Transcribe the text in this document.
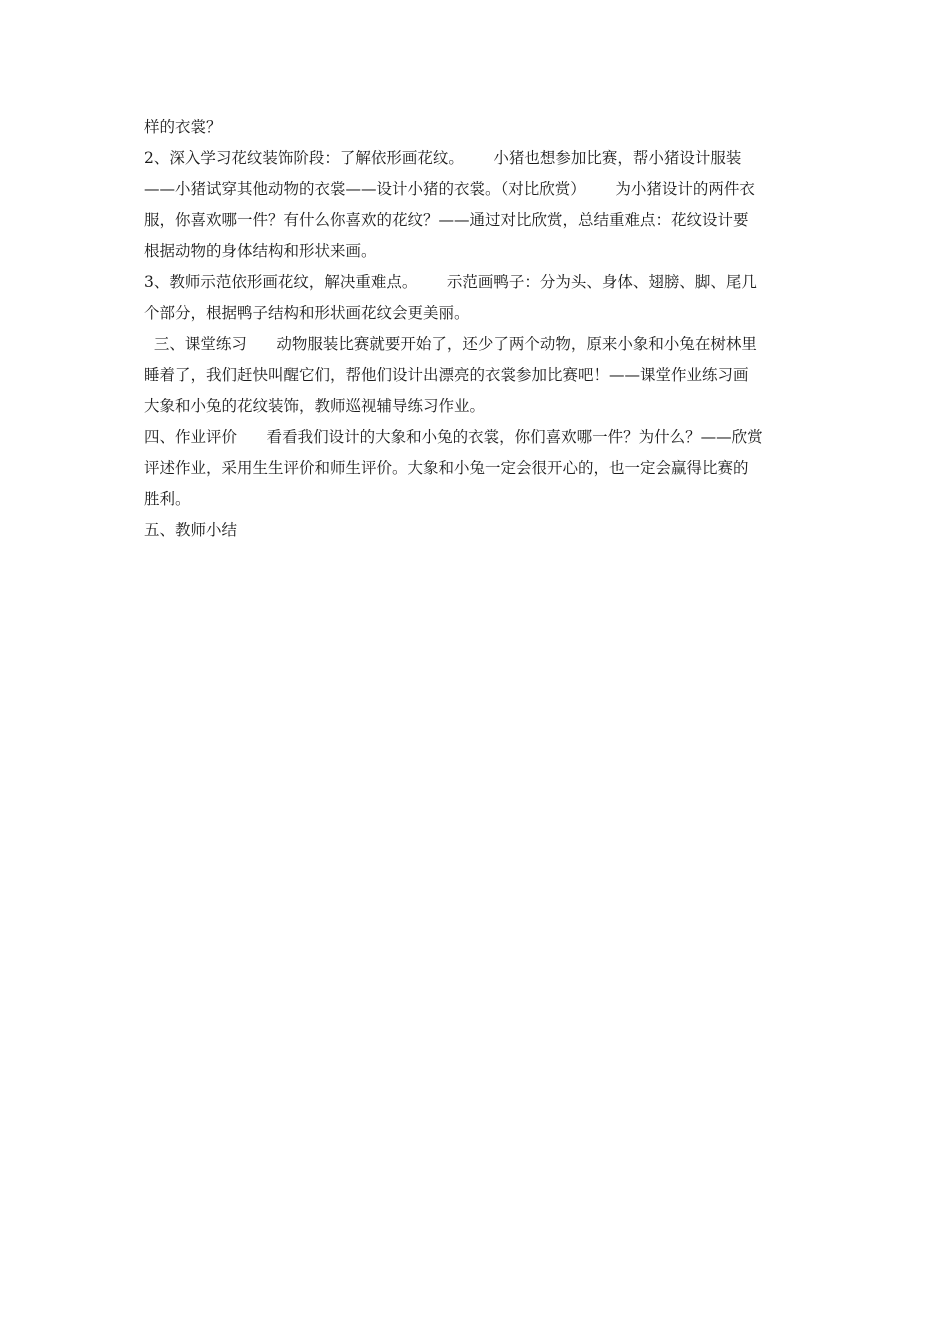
样的衣裳？
2、深入学习花纹装饰阶段：了解依形画花纹。      小猪也想参加比赛，帮小猪设计服装
——小猪试穿其他动物的衣裳——设计小猪的衣裳。（对比欣赏）      为小猪设计的两件衣
服，你喜欢哪一件？有什么你喜欢的花纹？——通过对比欣赏，总结重难点：花纹设计要
根据动物的身体结构和形状来画。
3、教师示范依形画花纹，解决重难点。      示范画鸭子：分为头、身体、翅膀、脚、尾几
个部分，根据鸭子结构和形状画花纹会更美丽。
三、课堂练习      动物服装比赛就要开始了，还少了两个动物，原来小象和小兔在树林里
睡着了，我们赶快叫醒它们，帮他们设计出漂亮的衣裳参加比赛吧！——课堂作业练习画
大象和小兔的花纹装饰，教师巡视辅导练习作业。
四、作业评价      看看我们设计的大象和小兔的衣裳，你们喜欢哪一件？为什么？——欣赏
评述作业，采用生生评价和师生评价。大象和小兔一定会很开心的，也一定会赢得比赛的
胜利。
五、教师小结
